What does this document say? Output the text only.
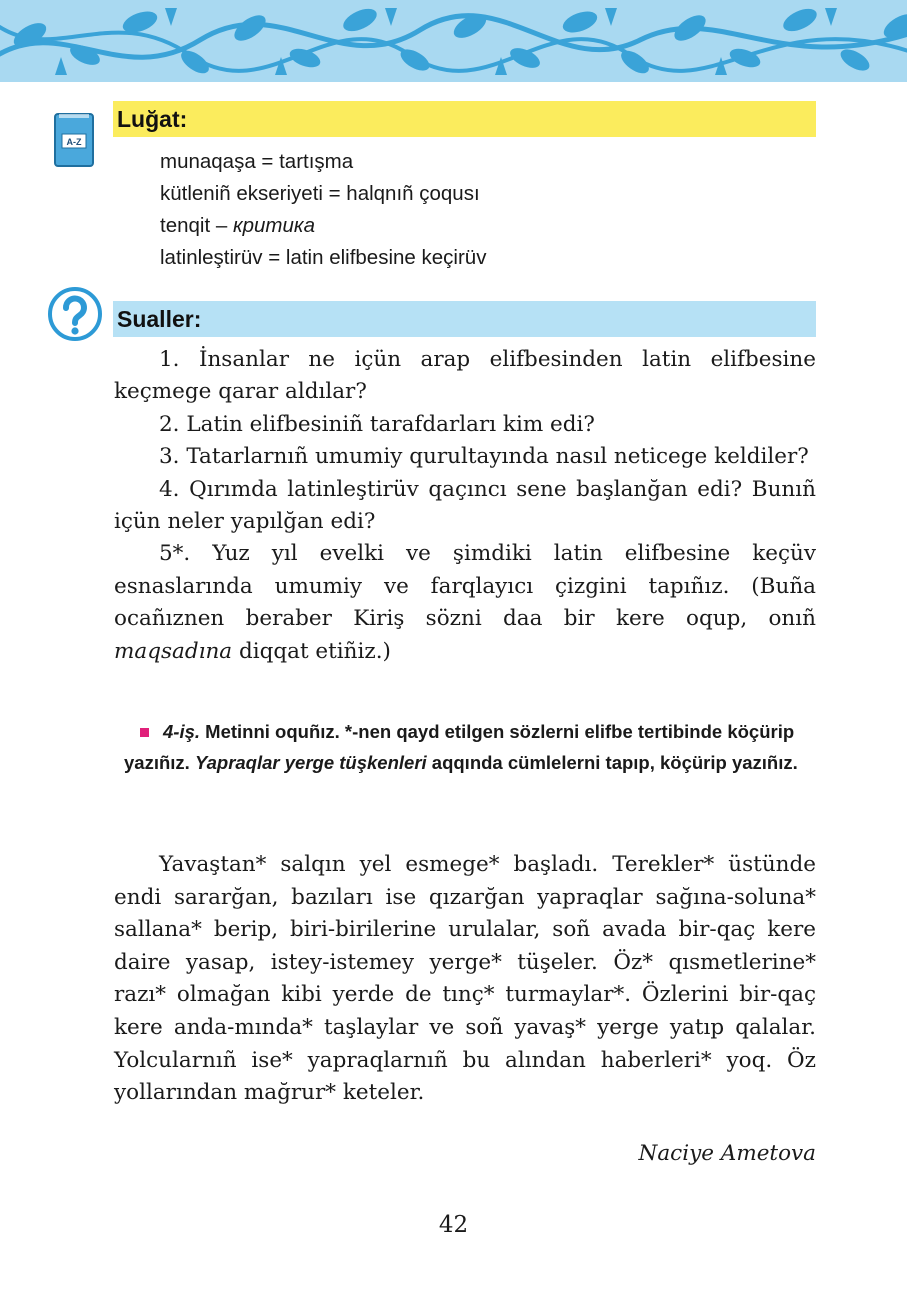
A-Z
Luğat:
munaqaşa = tartışma
kütleniñ ekseriyeti = halqnıñ çoqusı
tenqit – критика
latinleştirüv = latin elifbesine keçirüv
Sualler:

1. İnsanlar ne içün arap elifbesinden latin elifbesine keçmege qarar aldılar?

2. Latin elifbesiniñ tarafdarları kim edi?

3. Tatarlarnıñ umumiy qurultayında nasıl neticege keldiler?

4. Qırımda latinleştirüv qaçıncı sene başlanğan edi? Bunıñ içün neler yapılğan edi?

5*. Yuz yıl evelki ve şimdiki latin elifbesine keçüv esnaslarında umumiy ve farqlayıcı çizgini tapıñız. (Buña ocañıznen beraber Kiriş sözni daa bir kere oqup, onıñ maqsadına diqqat etiñiz.)

4-iş. Metinni oquñız. *-nen qayd etilgen sözlerni elifbe tertibinde köçürip yazıñız. Yapraqlar yerge tüşkenleri aqqında cümlelerni tapıp, köçürip yazıñız.

Yavaştan* salqın yel esmege* başladı. Terekler* üstünde endi sararğan, bazıları ise qızarğan yapraqlar sağına-soluna* sallana* berip, biri-birilerine urulalar, soñ avada bir-qaç kere daire yasap, istey-istemey yerge* tüşeler. Öz* qısmetlerine* razı* olmağan kibi yerde de tınç* turmaylar*. Özlerini bir-qaç kere anda-mında* taşlaylar ve soñ yavaş* yerge yatıp qalalar. Yolcularnıñ ise* yapraqlarnıñ bu alından haberleri* yoq. Öz yollarından mağrur* keteler.

Naciye Ametova
42
